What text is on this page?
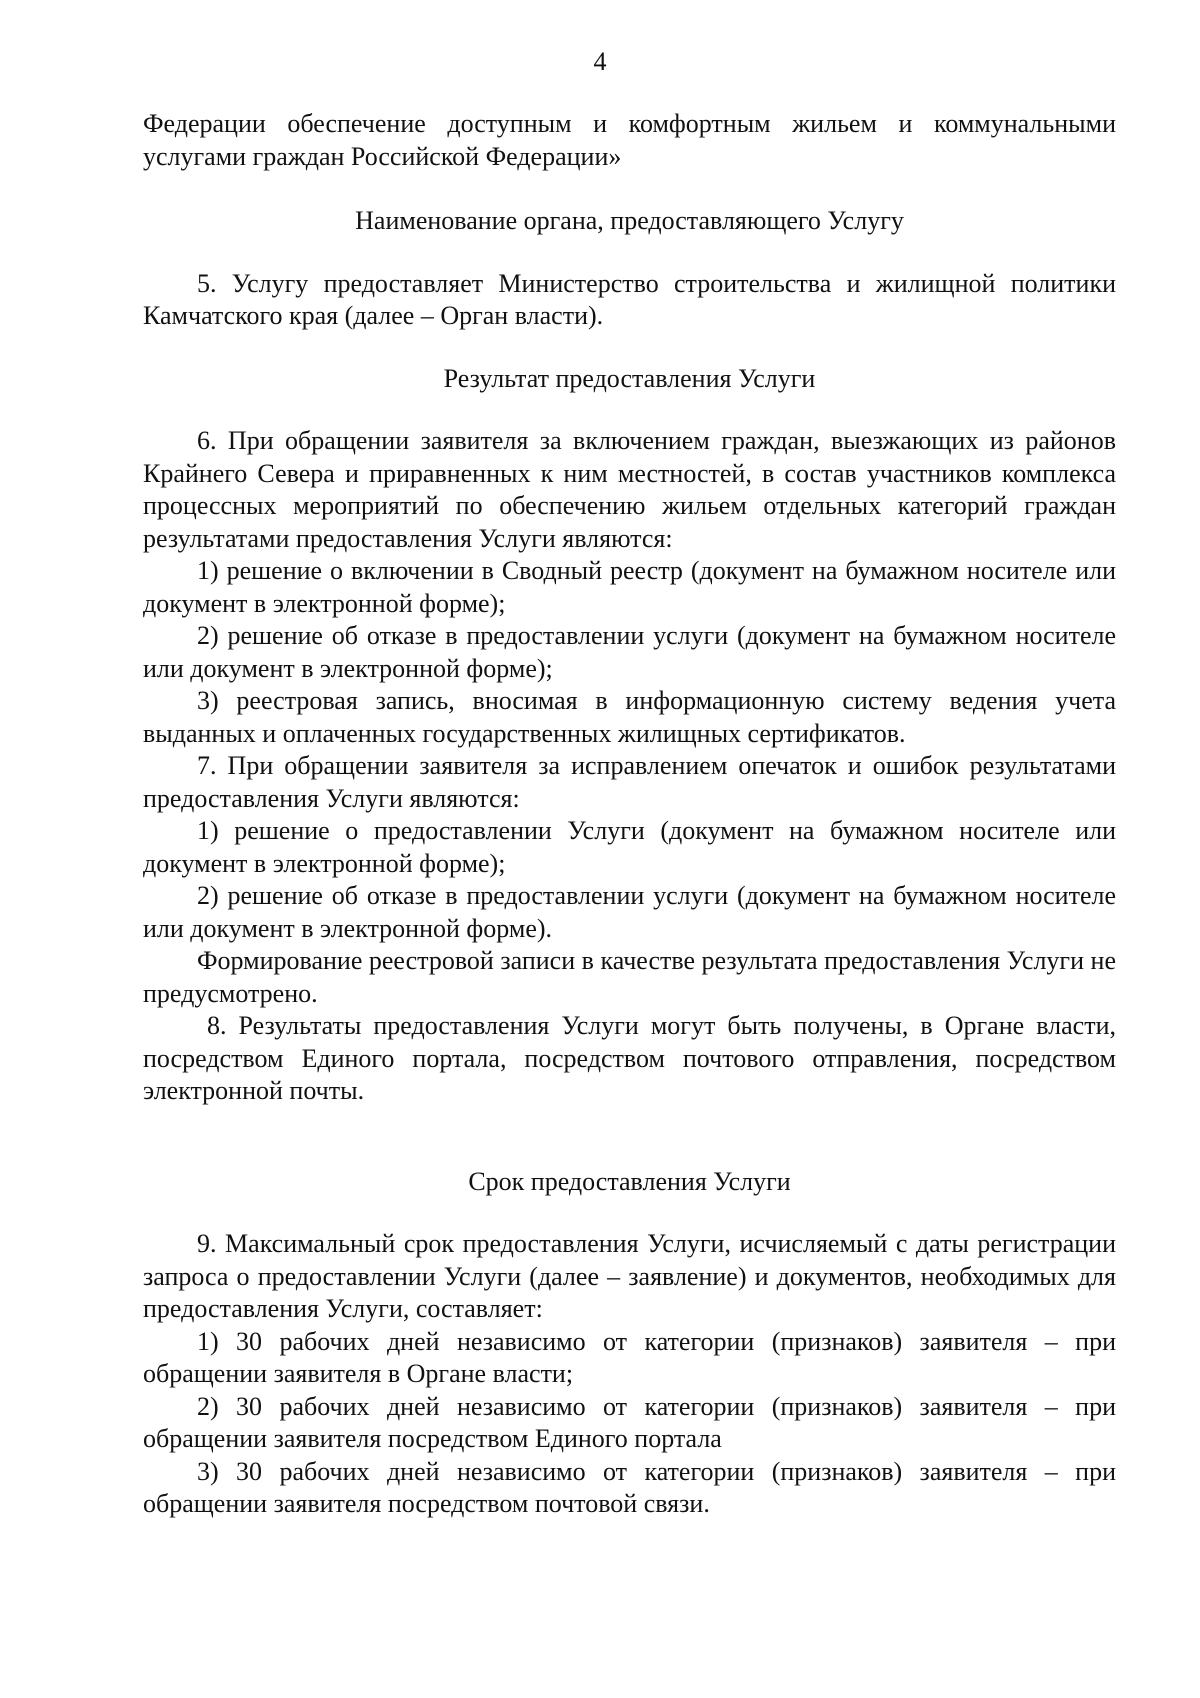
4

Федерации обеспечение доступным и комфортным жильем и коммунальными услугами граждан Российской Федерации»

Наименование органа, предоставляющего Услугу

5. Услугу предоставляет Министерство строительства и жилищной политики Камчатского края (далее – Орган власти).

Результат предоставления Услуги

6. При обращении заявителя за включением граждан, выезжающих из районов Крайнего Севера и приравненных к ним местностей, в состав участников комплекса процессных мероприятий по обеспечению жильем отдельных категорий граждан результатами предоставления Услуги являются:

1) решение о включении в Сводный реестр (документ на бумажном носителе или документ в электронной форме);

2) решение об отказе в предоставлении услуги (документ на бумажном носителе или документ в электронной форме);

3) реестровая запись, вносимая в информационную систему ведения учета выданных и оплаченных государственных жилищных сертификатов.

7. При обращении заявителя за исправлением опечаток и ошибок результатами предоставления Услуги являются:

1) решение о предоставлении Услуги (документ на бумажном носителе или документ в электронной форме);

2) решение об отказе в предоставлении услуги (документ на бумажном носителе или документ в электронной форме).

Формирование реестровой записи в качестве результата предоставления Услуги не предусмотрено.

8. Результаты предоставления Услуги могут быть получены, в Органе власти, посредством Единого портала, посредством почтового отправления, посредством электронной почты.

Срок предоставления Услуги

9. Максимальный срок предоставления Услуги, исчисляемый с даты регистрации запроса о предоставлении Услуги (далее – заявление) и документов, необходимых для предоставления Услуги, составляет:

1) 30 рабочих дней независимо от категории (признаков) заявителя – при обращении заявителя в Органе власти;

2) 30 рабочих дней независимо от категории (признаков) заявителя – при обращении заявителя посредством Единого портала

3) 30 рабочих дней независимо от категории (признаков) заявителя – при обращении заявителя посредством почтовой связи.
